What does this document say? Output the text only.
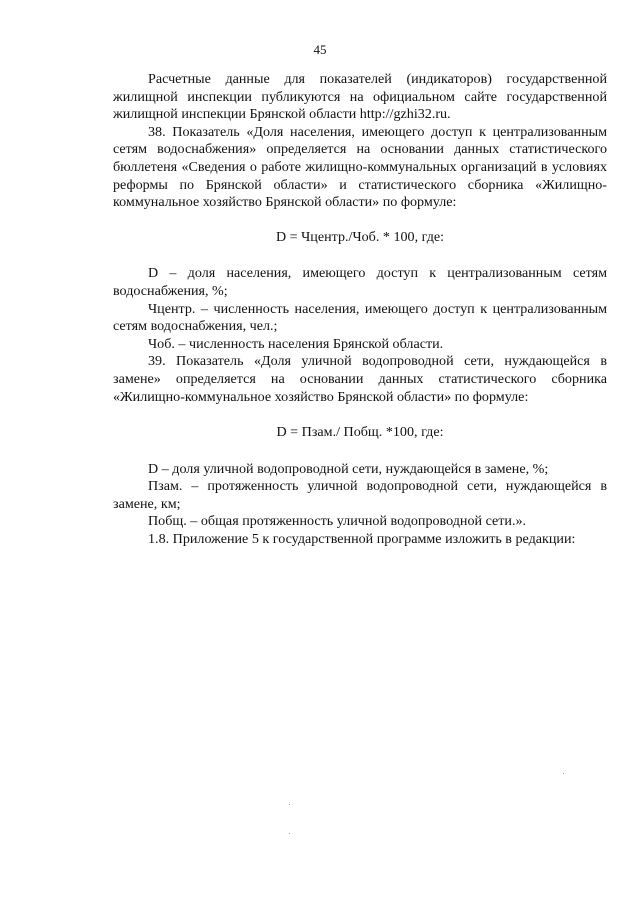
45

Расчетные данные для показателей (индикаторов) государственной жилищной инспекции публикуются на официальном сайте государственной жилищной инспекции Брянской области http://gzhi32.ru.

38. Показатель «Доля населения, имеющего доступ к централизованным сетям водоснабжения» определяется на основании данных статистического бюллетеня «Сведения о работе жилищно-коммунальных организаций в условиях реформы по Брянской области» и статистического сборника «Жилищно-коммунальное хозяйство Брянской области» по формуле:

D = Чцентр./Чоб. * 100, где:

D – доля населения, имеющего доступ к централизованным сетям водоснабжения, %;

Чцентр. – численность населения, имеющего доступ к централизованным сетям водоснабжения, чел.;

Чоб. – численность населения Брянской области.

39. Показатель «Доля уличной водопроводной сети, нуждающейся в замене» определяется на основании данных статистического сборника «Жилищно-коммунальное хозяйство Брянской области» по формуле:

D = Пзам./ Побщ. *100, где:

D – доля уличной водопроводной сети, нуждающейся в замене, %;

Пзам. – протяженность уличной водопроводной сети, нуждающейся в замене, км;

Побщ. – общая протяженность уличной водопроводной сети.».

1.8. Приложение 5 к государственной программе изложить в редакции:
